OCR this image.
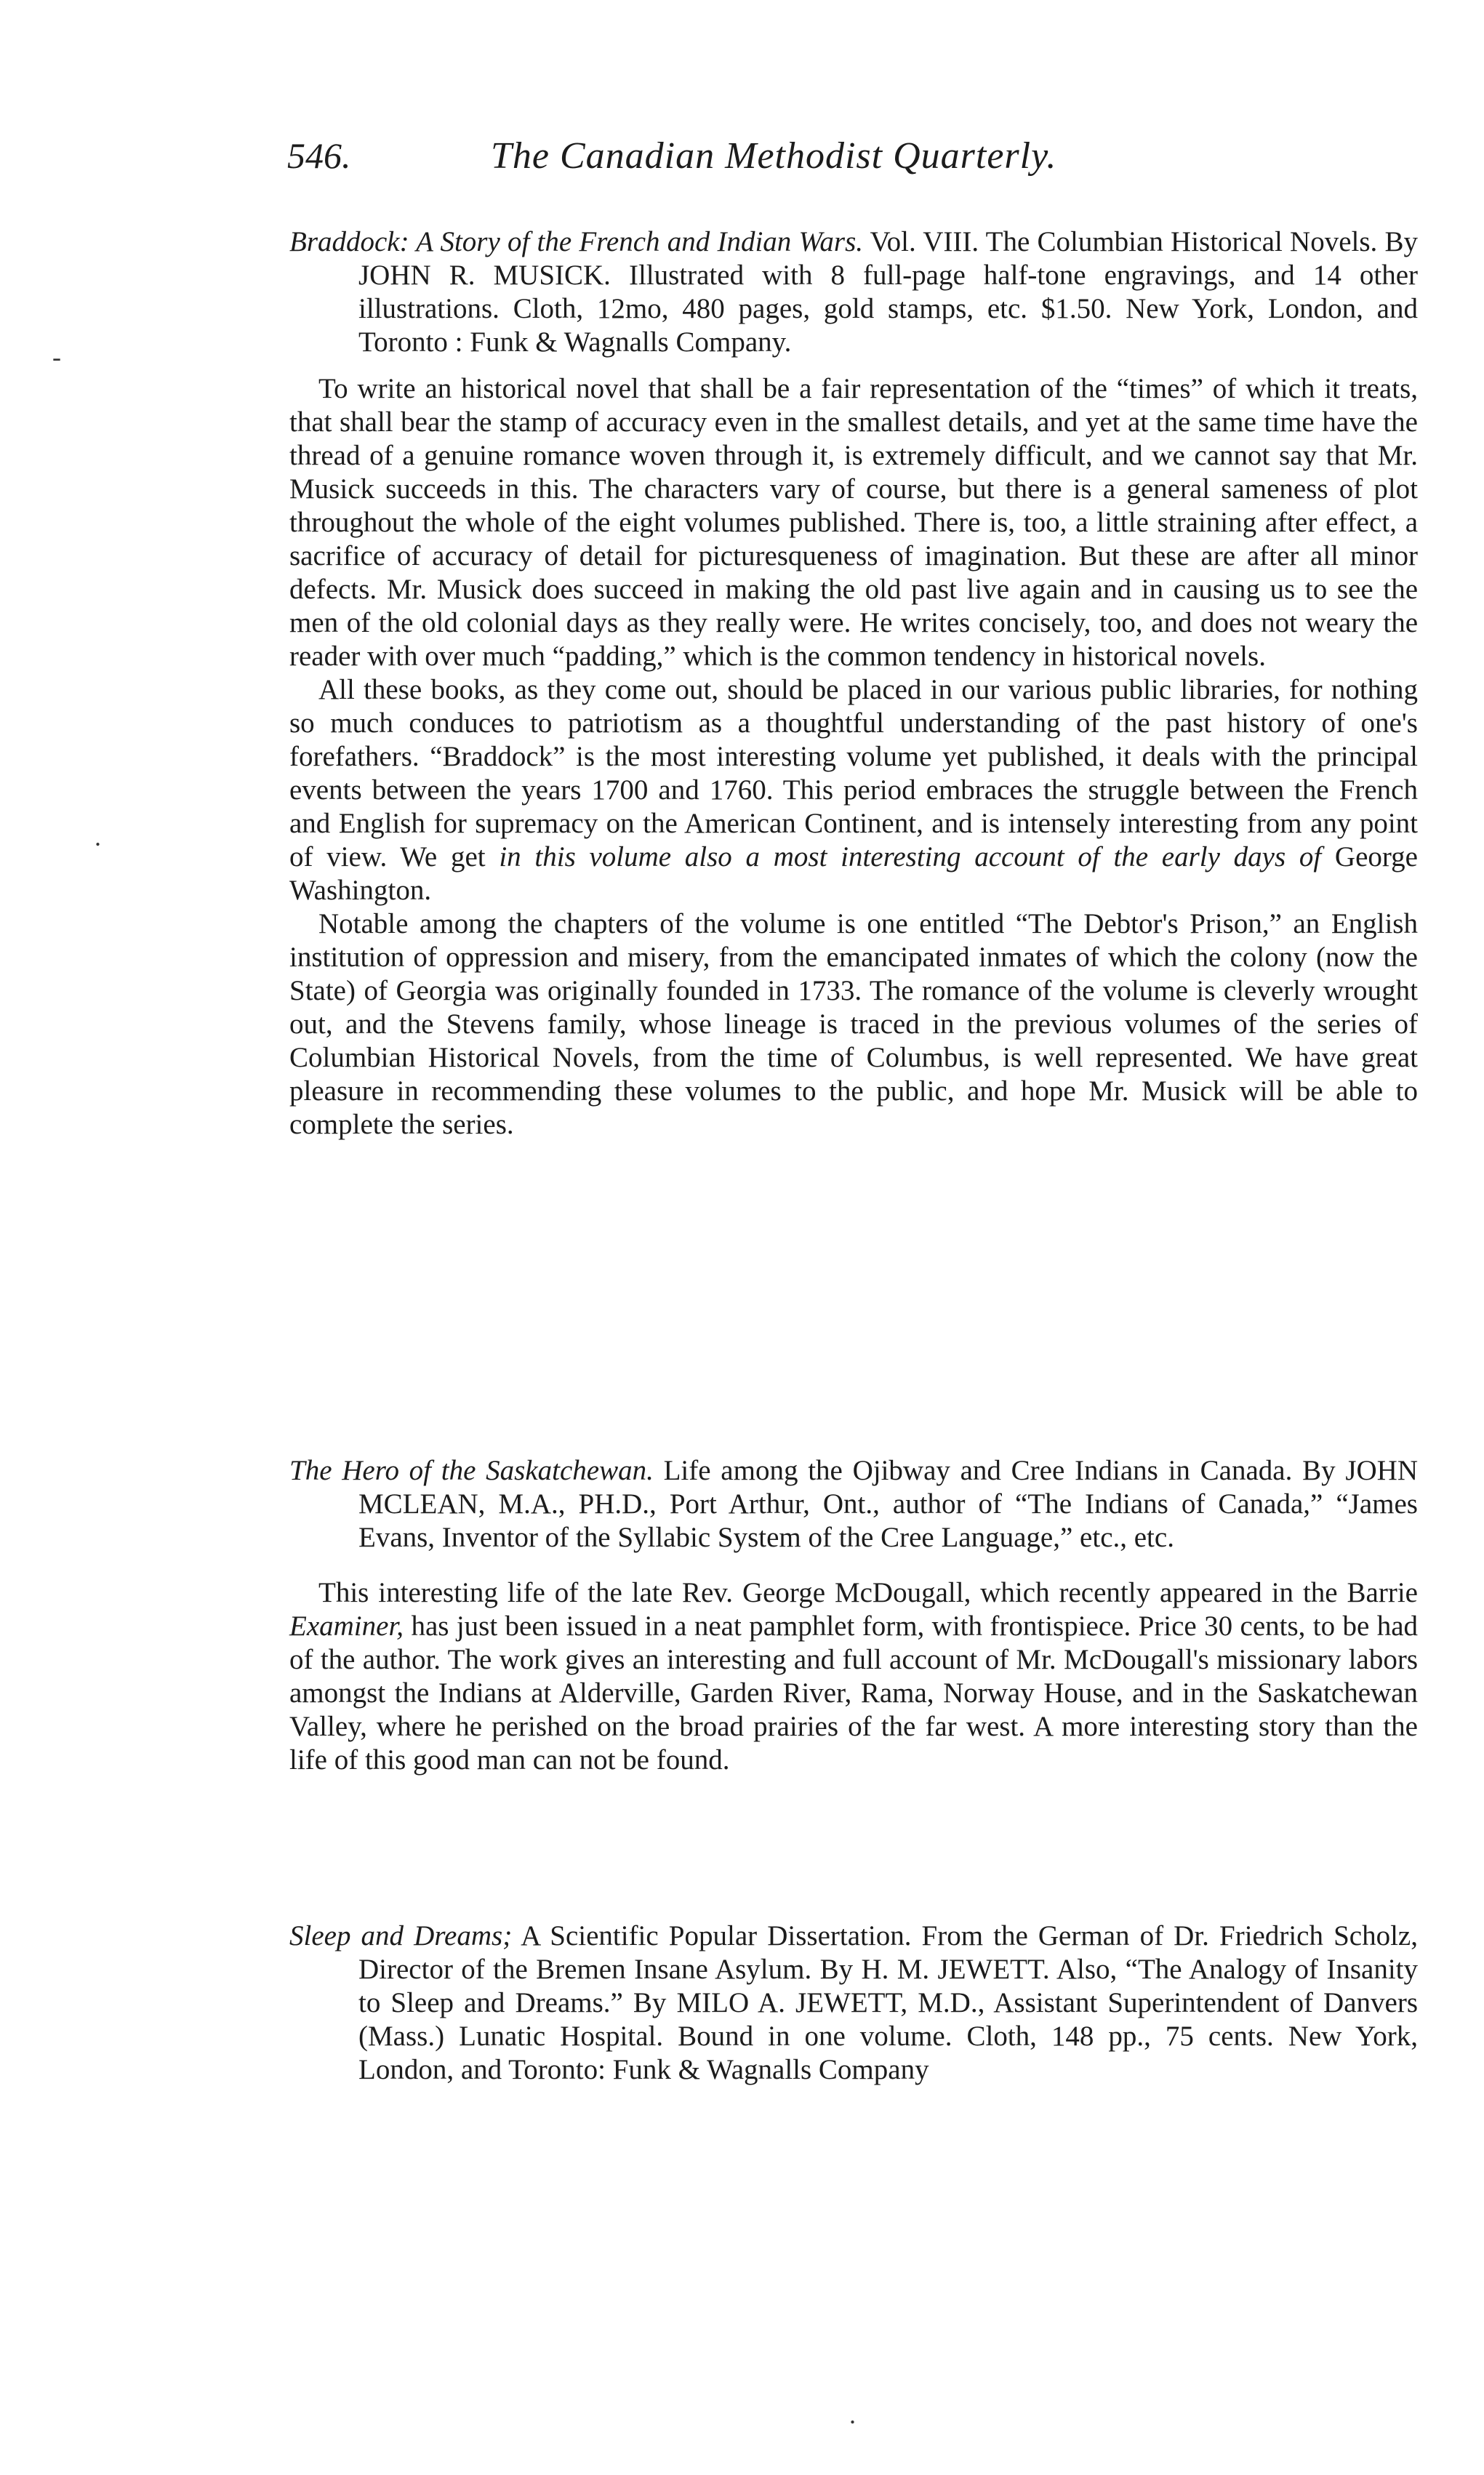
546.	The Canadian Methodist Quarterly.
-
.
.

Braddock: A Story of the French and Indian Wars. Vol. VIII. The Columbian Historical Novels. By JOHN R. MUSICK. Illustrated with 8 full-page half-tone engravings, and 14 other illustrations. Cloth, 12mo, 480 pages, gold stamps, etc. $1.50. New York, London, and Toronto : Funk & Wagnalls Company.

To write an historical novel that shall be a fair representation of the “times” of which it treats, that shall bear the stamp of accuracy even in the smallest details, and yet at the same time have the thread of a genuine romance woven through it, is extremely difficult, and we cannot say that Mr. Musick succeeds in this. The characters vary of course, but there is a general sameness of plot throughout the whole of the eight volumes published. There is, too, a little straining after effect, a sacrifice of accuracy of detail for picturesqueness of imagination. But these are after all minor defects. Mr. Musick does succeed in making the old past live again and in causing us to see the men of the old colonial days as they really were. He writes concisely, too, and does not weary the reader with over much “padding,” which is the common tendency in historical novels.

All these books, as they come out, should be placed in our various public libraries, for nothing so much conduces to patriotism as a thoughtful understanding of the past history of one's forefathers. “Braddock” is the most interesting volume yet published, it deals with the principal events between the years 1700 and 1760. This period embraces the struggle between the French and English for supremacy on the American Continent, and is intensely interesting from any point of view. We get in this volume also a most interesting account of the early days of George Washington.

Notable among the chapters of the volume is one entitled “The Debtor's Prison,” an English institution of oppression and misery, from the emancipated inmates of which the colony (now the State) of Georgia was originally founded in 1733. The romance of the volume is cleverly wrought out, and the Stevens family, whose lineage is traced in the previous volumes of the series of Columbian Historical Novels, from the time of Columbus, is well represented. We have great pleasure in recommending these volumes to the public, and hope Mr. Musick will be able to complete the series.

The Hero of the Saskatchewan. Life among the Ojibway and Cree Indians in Canada. By JOHN MCLEAN, M.A., PH.D., Port Arthur, Ont., author of “The Indians of Canada,” “James Evans, Inventor of the Syllabic System of the Cree Language,” etc., etc.

This interesting life of the late Rev. George McDougall, which recently appeared in the Barrie Examiner, has just been issued in a neat pamphlet form, with frontispiece. Price 30 cents, to be had of the author. The work gives an interesting and full account of Mr. McDougall's missionary labors amongst the Indians at Alderville, Garden River, Rama, Norway House, and in the Saskatchewan Valley, where he perished on the broad prairies of the far west. A more interesting story than the life of this good man can not be found.

Sleep and Dreams; A Scientific Popular Dissertation. From the German of Dr. Friedrich Scholz, Director of the Bremen Insane Asylum. By H. M. JEWETT. Also, “The Analogy of Insanity to Sleep and Dreams.” By MILO A. JEWETT, M.D., Assistant Superintendent of Danvers (Mass.) Lunatic Hospital. Bound in one volume. Cloth, 148 pp., 75 cents. New York, London, and Toronto: Funk & Wagnalls Company
